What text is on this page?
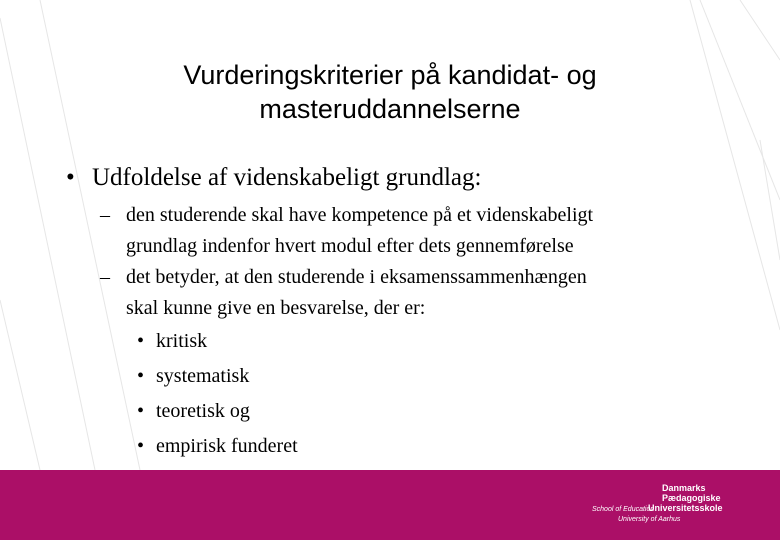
Vurderingskriterier på kandidat- og
masteruddannelserne
• Udfoldelse af videnskabeligt grundlag:
– den studerende skal have kompetence på et videnskabeligt
grundlag indenfor hvert modul efter dets gennemførelse
– det betyder, at den studerende i eksamenssammenhængen
skal kunne give en besvarelse, der er:
• kritisk
• systematisk
• teoretisk og
• empirisk funderet
Danmarks
Pædagogiske
Universitetsskole
School of Education
University of Aarhus
